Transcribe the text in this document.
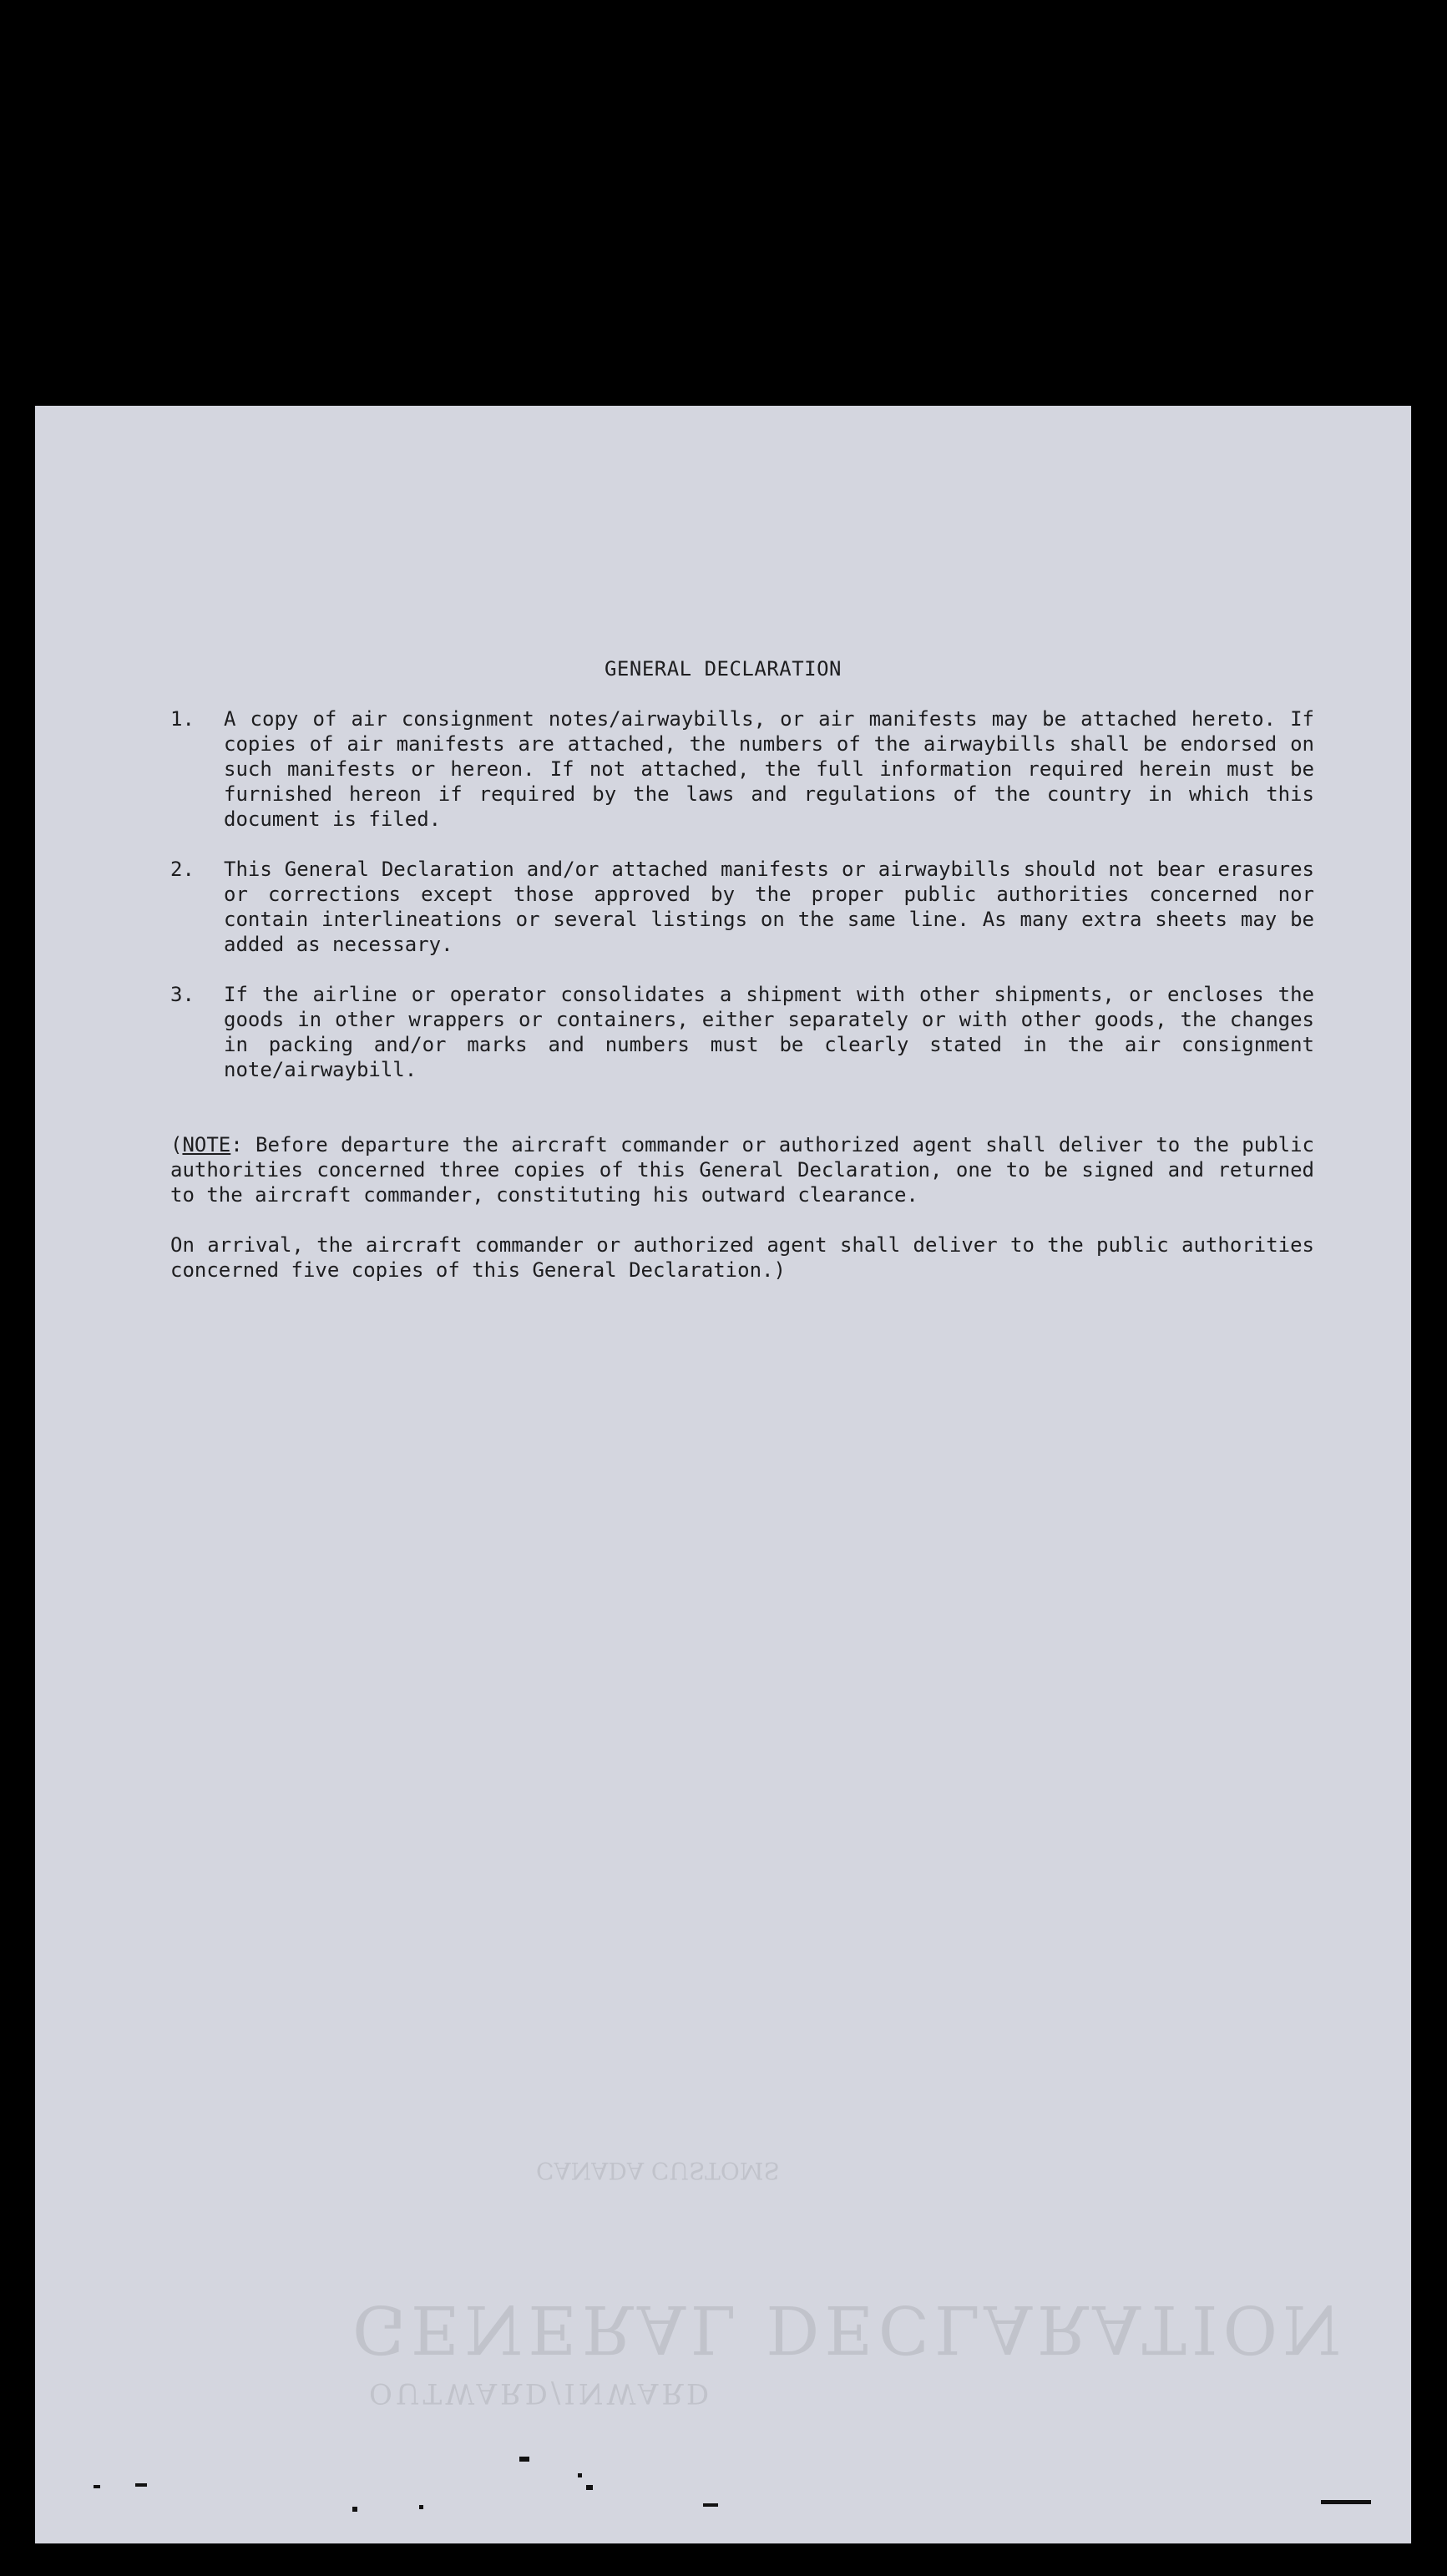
OUTWARD/INWARD
GENERAL DECLARATION
CANADA CUSTOMS
GENERAL DECLARATION
1. A copy of air consignment notes/airwaybills, or air manifests may be attached hereto. If copies of air manifests are attached, the numbers of the airwaybills shall be endorsed on such manifests or hereon. If not attached, the full information required herein must be furnished hereon if required by the laws and regulations of the country in which this document is filed.
2. This General Declaration and/or attached manifests or airwaybills should not bear erasures or corrections except those approved by the proper public authorities concerned nor contain interlineations or several listings on the same line. As many extra sheets may be added as necessary.
3. If the airline or operator consolidates a shipment with other shipments, or encloses the goods in other wrappers or containers, either separately or with other goods, the changes in packing and/or marks and numbers must be clearly stated in the air consignment note/airwaybill.
(NOTE: Before departure the aircraft commander or authorized agent shall deliver to the public authorities concerned three copies of this General Declaration, one to be signed and returned to the aircraft commander, constituting his outward clearance.
On arrival, the aircraft commander or authorized agent shall deliver to the public authorities concerned five copies of this General Declaration.)
